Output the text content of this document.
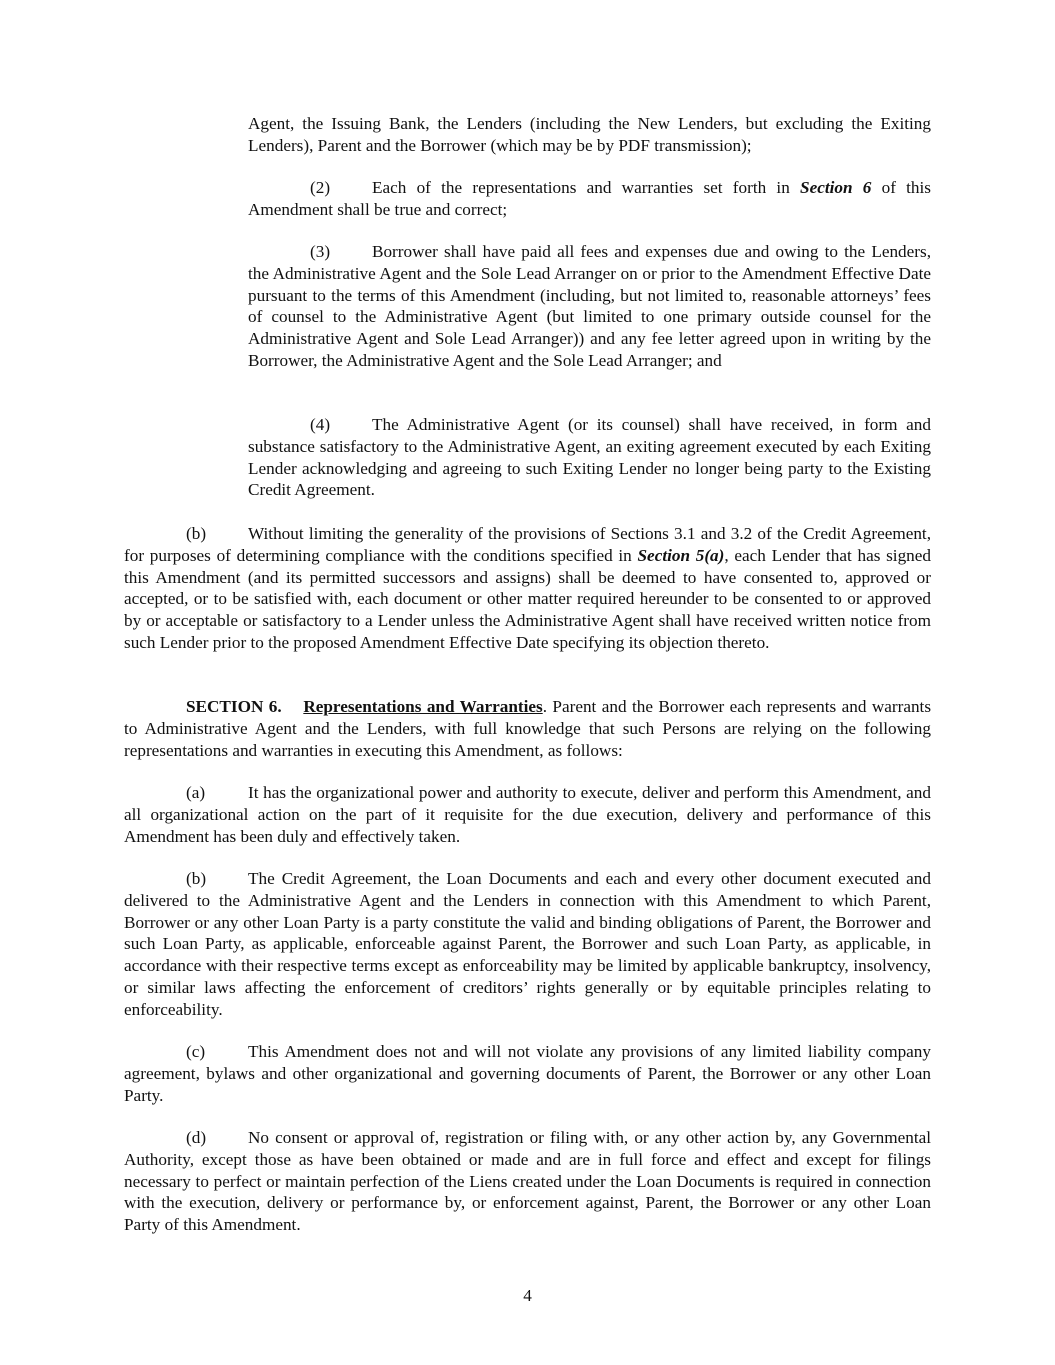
Agent, the Issuing Bank, the Lenders (including the New Lenders, but excluding the Exiting Lenders), Parent and the Borrower (which may be by PDF transmission);

(2) Each of the representations and warranties set forth in Section 6 of this Amendment shall be true and correct;

(3) Borrower shall have paid all fees and expenses due and owing to the Lenders, the Administrative Agent and the Sole Lead Arranger on or prior to the Amendment Effective Date pursuant to the terms of this Amendment (including, but not limited to, reasonable attorneys’ fees of counsel to the Administrative Agent (but limited to one primary outside counsel for the Administrative Agent and Sole Lead Arranger)) and any fee letter agreed upon in writing by the Borrower, the Administrative Agent and the Sole Lead Arranger; and

(4) The Administrative Agent (or its counsel) shall have received, in form and substance satisfactory to the Administrative Agent, an exiting agreement executed by each Exiting Lender acknowledging and agreeing to such Exiting Lender no longer being party to the Existing Credit Agreement.

(b) Without limiting the generality of the provisions of Sections 3.1 and 3.2 of the Credit Agreement, for purposes of determining compliance with the conditions specified in Section 5(a), each Lender that has signed this Amendment (and its permitted successors and assigns) shall be deemed to have consented to, approved or accepted, or to be satisfied with, each document or other matter required hereunder to be consented to or approved by or acceptable or satisfactory to a Lender unless the Administrative Agent shall have received written notice from such Lender prior to the proposed Amendment Effective Date specifying its objection thereto.

SECTION 6. Representations and Warranties. Parent and the Borrower each represents and warrants to Administrative Agent and the Lenders, with full knowledge that such Persons are relying on the following representations and warranties in executing this Amendment, as follows:

(a) It has the organizational power and authority to execute, deliver and perform this Amendment, and all organizational action on the part of it requisite for the due execution, delivery and performance of this Amendment has been duly and effectively taken.

(b) The Credit Agreement, the Loan Documents and each and every other document executed and delivered to the Administrative Agent and the Lenders in connection with this Amendment to which Parent, Borrower or any other Loan Party is a party constitute the valid and binding obligations of Parent, the Borrower and such Loan Party, as applicable, enforceable against Parent, the Borrower and such Loan Party, as applicable, in accordance with their respective terms except as enforceability may be limited by applicable bankruptcy, insolvency, or similar laws affecting the enforcement of creditors’ rights generally or by equitable principles relating to enforceability.

(c) This Amendment does not and will not violate any provisions of any limited liability company agreement, bylaws and other organizational and governing documents of Parent, the Borrower or any other Loan Party.

(d) No consent or approval of, registration or filing with, or any other action by, any Governmental Authority, except those as have been obtained or made and are in full force and effect and except for filings necessary to perfect or maintain perfection of the Liens created under the Loan Documents is required in connection with the execution, delivery or performance by, or enforcement against, Parent, the Borrower or any other Loan Party of this Amendment.

4
